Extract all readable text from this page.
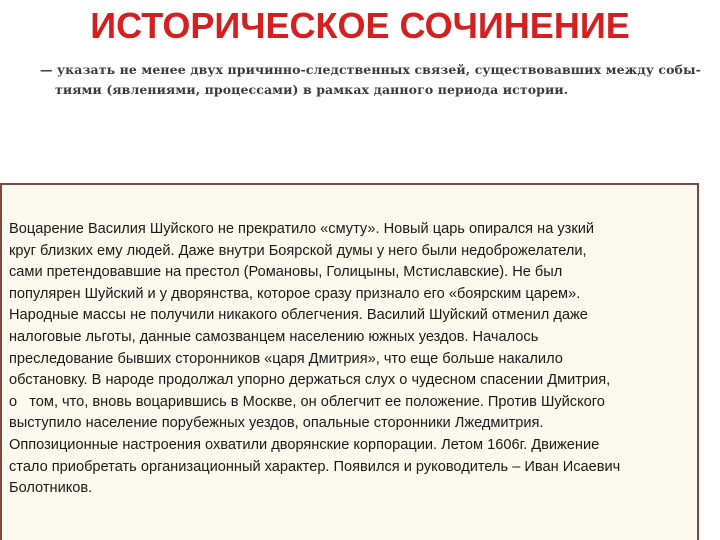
ИСТОРИЧЕСКОЕ СОЧИНЕНИЕ
— указать не менее двух причинно-следственных связей, существовавших между собы-
тиями (явлениями, процессами) в рамках данного периода истории.
Воцарение Василия Шуйского не прекратило «смуту». Новый царь опирался на узкий
круг близких ему людей. Даже внутри Боярской думы у него были недоброжелатели,
сами претендовавшие на престол (Романовы, Голицыны, Мстиславские). Не был
популярен Шуйский и у дворянства, которое сразу признало его «боярским царем».
Народные массы не получили никакого облегчения. Василий Шуйский отменил даже
налоговые льготы, данные самозванцем населению южных уездов. Началось
преследование бывших сторонников «царя Дмитрия», что еще больше накалило
обстановку. В народе продолжал упорно держаться слух о чудесном спасении Дмитрия,
о   том, что, вновь воцарившись в Москве, он облегчит ее положение. Против Шуйского
выступило население порубежных уездов, опальные сторонники Лжедмитрия.
Оппозиционные настроения охватили дворянские корпорации. Летом 1606г. Движение
стало приобретать организационный характер. Появился и руководитель – Иван Исаевич
Болотников.
